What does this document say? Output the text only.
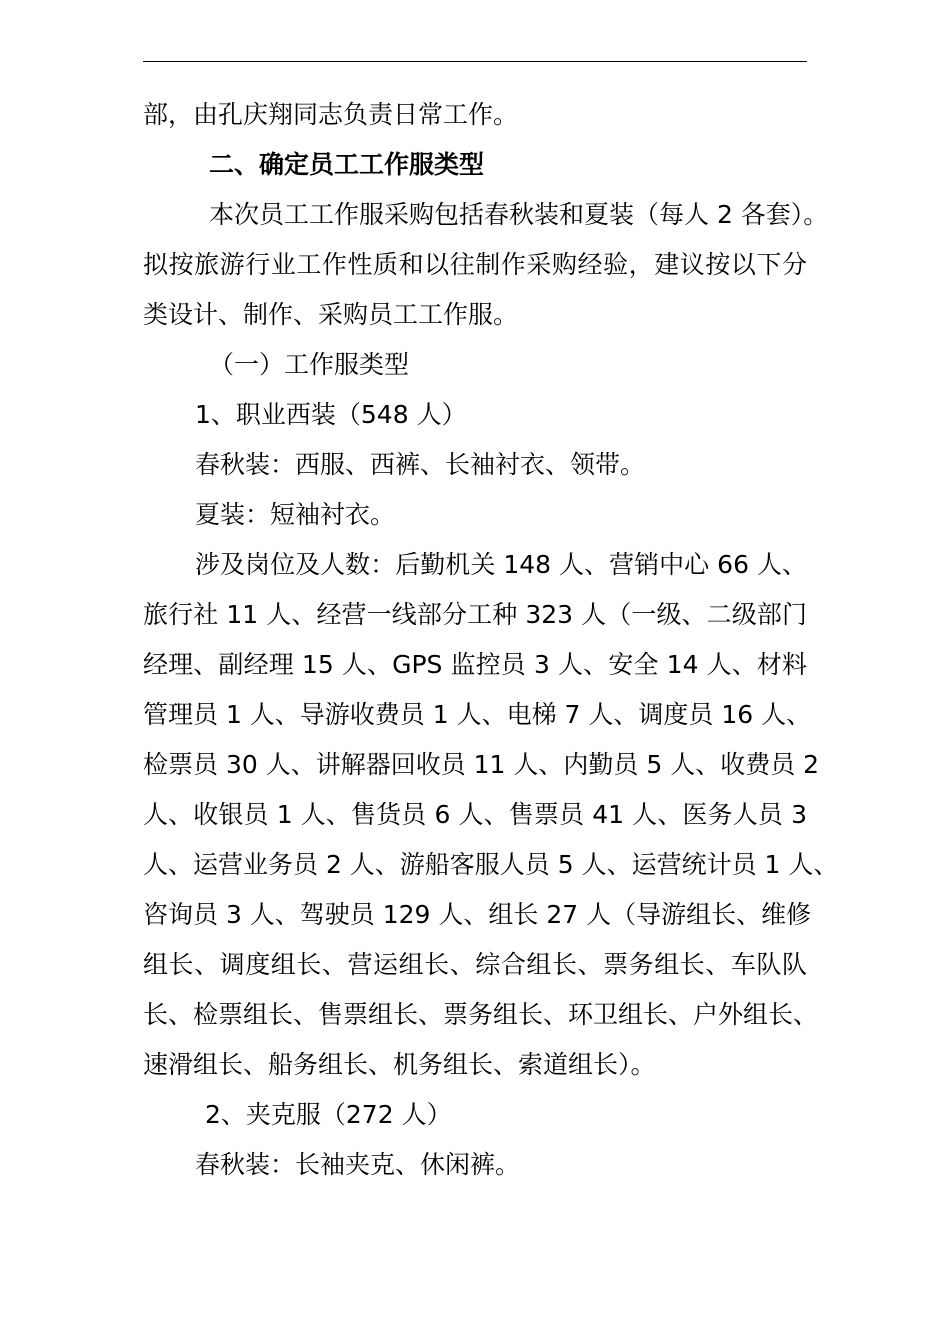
部，由孔庆翔同志负责日常工作。
二、确定员工工作服类型
本次员工工作服采购包括春秋装和夏装（每人 2 各套）。
拟按旅游行业工作性质和以往制作采购经验，建议按以下分
类设计、制作、采购员工工作服。
（一）工作服类型
1、职业西装（548 人）
春秋装：西服、西裤、长袖衬衣、领带。
夏装：短袖衬衣。
涉及岗位及人数：后勤机关 148 人、营销中心 66 人、
旅行社 11 人、经营一线部分工种 323 人（一级、二级部门
经理、副经理 15 人、GPS 监控员 3 人、安全 14 人、材料
管理员 1 人、导游收费员 1 人、电梯 7 人、调度员 16 人、
检票员 30 人、讲解器回收员 11 人、内勤员 5 人、收费员 2
人、收银员 1 人、售货员 6 人、售票员 41 人、医务人员 3
人、运营业务员 2 人、游船客服人员 5 人、运营统计员 1 人、
咨询员 3 人、驾驶员 129 人、组长 27 人（导游组长、维修
组长、调度组长、营运组长、综合组长、票务组长、车队队
长、检票组长、售票组长、票务组长、环卫组长、户外组长、
速滑组长、船务组长、机务组长、索道组长）。
2、夹克服（272 人）
春秋装：长袖夹克、休闲裤。
